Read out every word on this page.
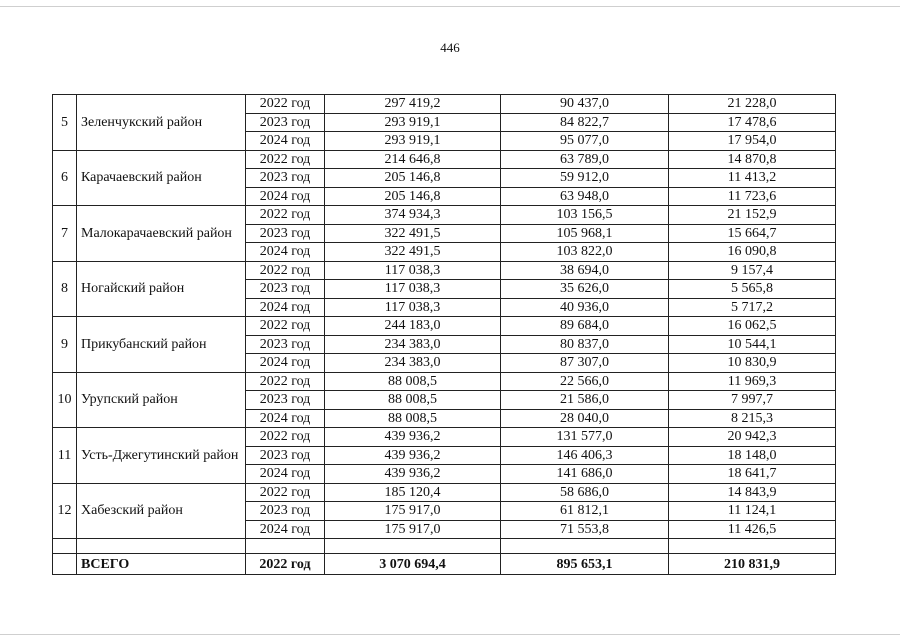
446
5	Зеленчукский район	2022 год	297 419,2	90 437,0	21 228,0
		2023 год	293 919,1	84 822,7	17 478,6
		2024 год	293 919,1	95 077,0	17 954,0
6	Карачаевский район	2022 год	214 646,8	63 789,0	14 870,8
		2023 год	205 146,8	59 912,0	11 413,2
		2024 год	205 146,8	63 948,0	11 723,6
7	Малокарачаевский район	2022 год	374 934,3	103 156,5	21 152,9
		2023 год	322 491,5	105 968,1	15 664,7
		2024 год	322 491,5	103 822,0	16 090,8
8	Ногайский район	2022 год	117 038,3	38 694,0	9 157,4
		2023 год	117 038,3	35 626,0	5 565,8
		2024 год	117 038,3	40 936,0	5 717,2
9	Прикубанский район	2022 год	244 183,0	89 684,0	16 062,5
		2023 год	234 383,0	80 837,0	10 544,1
		2024 год	234 383,0	87 307,0	10 830,9
10	Урупский район	2022 год	88 008,5	22 566,0	11 969,3
		2023 год	88 008,5	21 586,0	7 997,7
		2024 год	88 008,5	28 040,0	8 215,3
11	Усть-Джегутинский район	2022 год	439 936,2	131 577,0	20 942,3
		2023 год	439 936,2	146 406,3	18 148,0
		2024 год	439 936,2	141 686,0	18 641,7
12	Хабезский район	2022 год	185 120,4	58 686,0	14 843,9
		2023 год	175 917,0	61 812,1	11 124,1
		2024 год	175 917,0	71 553,8	11 426,5

	ВСЕГО	2022 год	3 070 694,4	895 653,1	210 831,9
